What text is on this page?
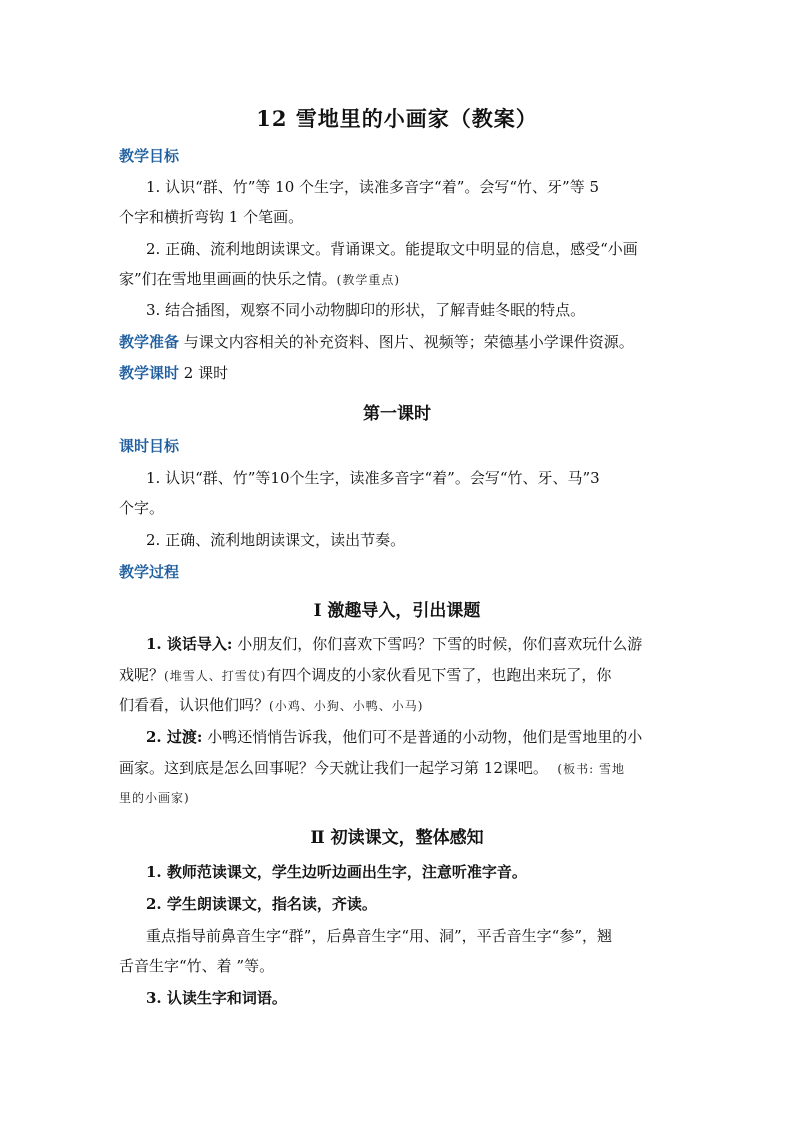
12 雪地里的小画家（教案）
教学目标
1. 认识“群、竹”等 10 个生字，读准多音字“着”。会写“竹、牙”等 5
个字和横折弯钩 1 个笔画。
2. 正确、流利地朗读课文。背诵课文。能提取文中明显的信息，感受“小画
家”们在雪地里画画的快乐之情。(教学重点)
3. 结合插图，观察不同小动物脚印的形状，了解青蛙冬眠的特点。
教学准备 与课文内容相关的补充资料、图片、视频等；荣德基小学课件资源。
教学课时 2 课时
第一课时
课时目标
1. 认识“群、竹”等10个生字，读准多音字“着”。会写“竹、牙、马”3
个字。
2. 正确、流利地朗读课文，读出节奏。
教学过程
Ⅰ 激趣导入，引出课题
1. 谈话导入: 小朋友们，你们喜欢下雪吗？下雪的时候，你们喜欢玩什么游
戏呢？(堆雪人、打雪仗)有四个调皮的小家伙看见下雪了，也跑出来玩了，你
们看看，认识他们吗？(小鸡、小狗、小鸭、小马)
2. 过渡: 小鸭还悄悄告诉我，他们可不是普通的小动物，他们是雪地里的小
画家。这到底是怎么回事呢？今天就让我们一起学习第 12课吧。 (板书: 雪地
里的小画家)
Ⅱ 初读课文，整体感知
1. 教师范读课文，学生边听边画出生字，注意听准字音。
2. 学生朗读课文，指名读，齐读。
重点指导前鼻音生字“群”，后鼻音生字“用、洞”，平舌音生字“参”，翘
舌音生字“竹、着 ”等。
3. 认读生字和词语。
